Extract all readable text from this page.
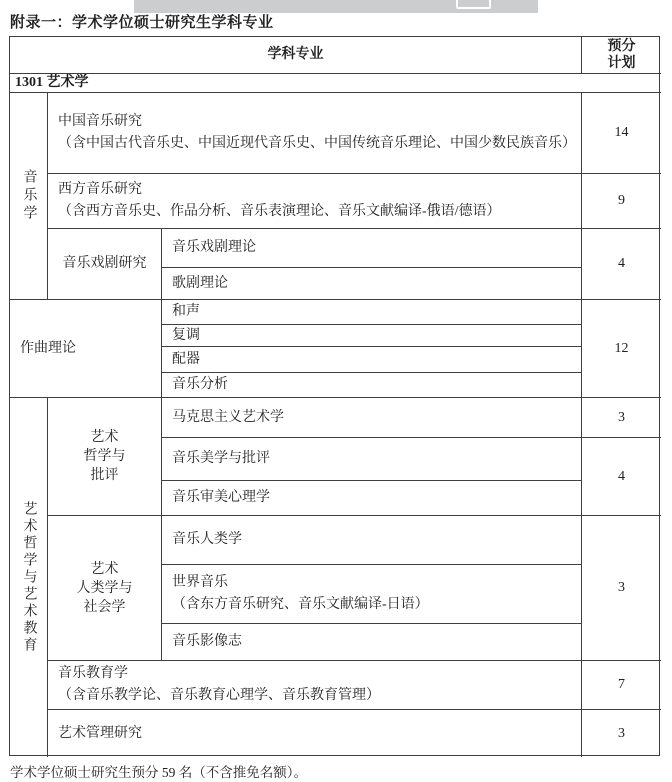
附录一：学术学位硕士研究生学科专业
学科专业
预分
计划
1301 艺术学
音乐学
中国音乐研究
（含中国古代音乐史、中国近现代音乐史、中国传统音乐理论、中国少数民族音乐）
14
西方音乐研究
（含西方音乐史、作品分析、音乐表演理论、音乐文献编译-俄语/德语）
9
音乐戏剧研究
音乐戏剧理论
歌剧理论
4
作曲理论
和声
复调
配器
音乐分析
12
艺术哲学与艺术教育
艺术
哲学与
批评
马克思主义艺术学	3
音乐美学与批评
4
音乐审美心理学
艺术
人类学与
社会学
音乐人类学
世界音乐
（含东方音乐研究、音乐文献编译-日语）
音乐影像志
3
音乐教育学
（含音乐教学论、音乐教育心理学、音乐教育管理）
7
艺术管理研究	3
学术学位硕士研究生预分 59 名（不含推免名额）。
